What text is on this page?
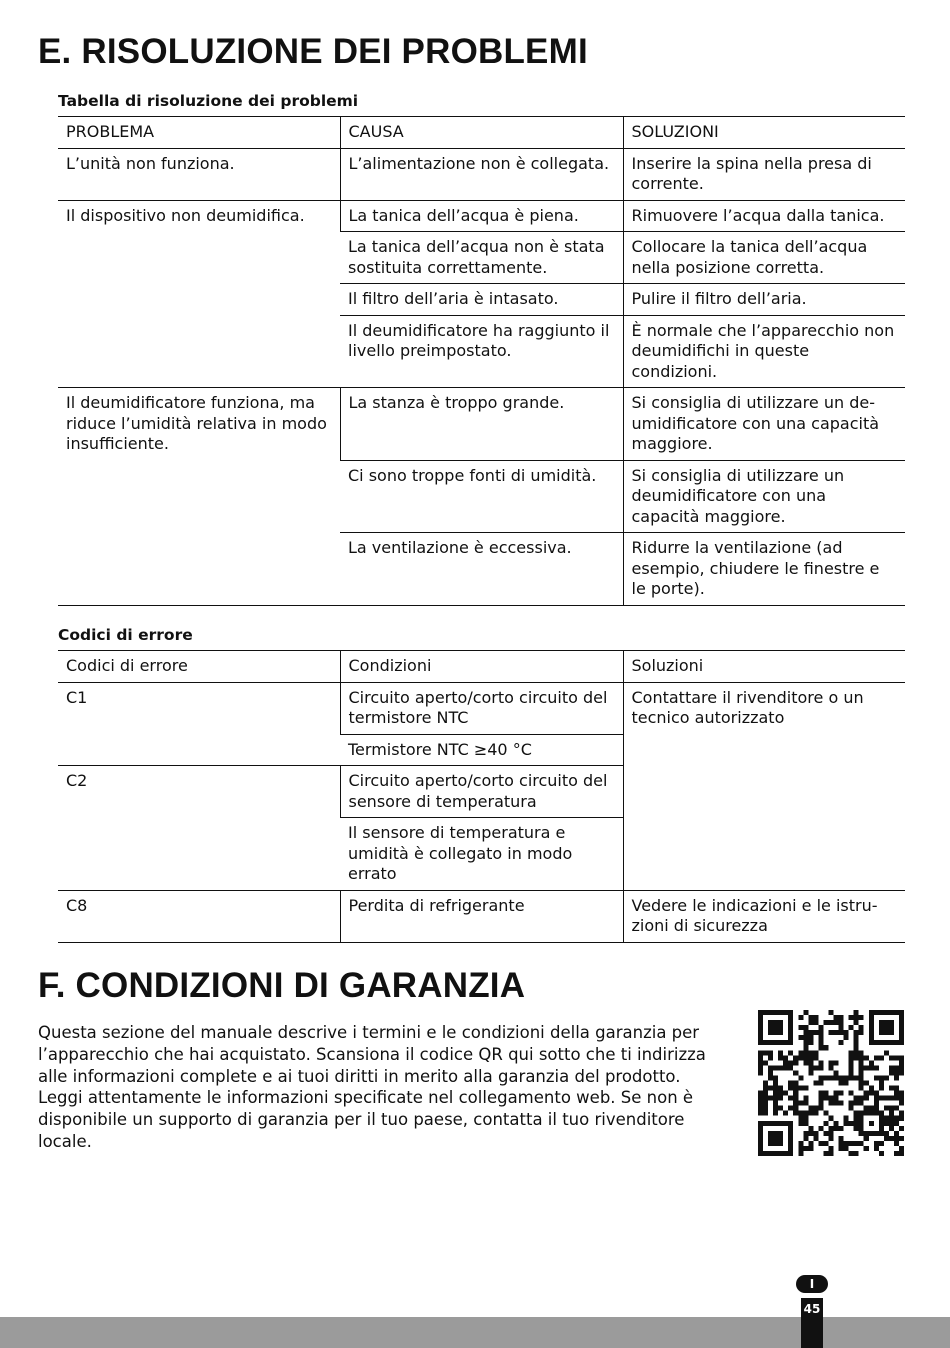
E. RISOLUZIONE DEI PROBLEMI

Tabella di risoluzione dei problemi

PROBLEMA	CAUSA	SOLUZIONI
L’unità non funziona.	L’alimentazione non è collegata.	Inserire la spina nella presa di corrente.
Il dispositivo non deumidifica.	La tanica dell’acqua è piena.	Rimuovere l’acqua dalla tanica.
	La tanica dell’acqua non è stata sostituita correttamente.	Collocare la tanica dell’acqua nella posizione corretta.
	Il filtro dell’aria è intasato.	Pulire il filtro dell’aria.
	Il deumidificatore ha raggiunto il livello preimpostato.	È normale che l’apparecchio non deumidifichi in queste condizioni.
Il deumidificatore funziona, ma riduce l’umidità relativa in modo insufficiente.	La stanza è troppo grande.	Si consiglia di utilizzare un deumidificatore con una capacità maggiore.
	Ci sono troppe fonti di umidità.	Si consiglia di utilizzare un deumidificatore con una capacità maggiore.
	La ventilazione è eccessiva.	Ridurre la ventilazione (ad esempio, chiudere le finestre e le porte).

Codici di errore

Codici di errore	Condizioni	Soluzioni
C1	Circuito aperto/corto circuito del termistore NTC	Contattare il rivenditore o un tecnico autorizzato
	Termistore NTC ≥40 °C	
C2	Circuito aperto/corto circuito del sensore di temperatura	
	Il sensore di temperatura e umidità è collegato in modo errato	
C8	Perdita di refrigerante	Vedere le indicazioni e le istruzioni di sicurezza
F. CONDIZIONI DI GARANZIA

Questa sezione del manuale descrive i termini e le condizioni della garanzia per l’apparecchio che hai acquistato. Scansiona il codice QR qui sotto che ti indirizza alle informazioni complete e ai tuoi diritti in merito alla garanzia del prodotto. Leggi attentamente le informazioni specificate nel collegamento web. Se non è disponibile un supporto di garanzia per il tuo paese, contatta il tuo rivenditore locale.

I
45
